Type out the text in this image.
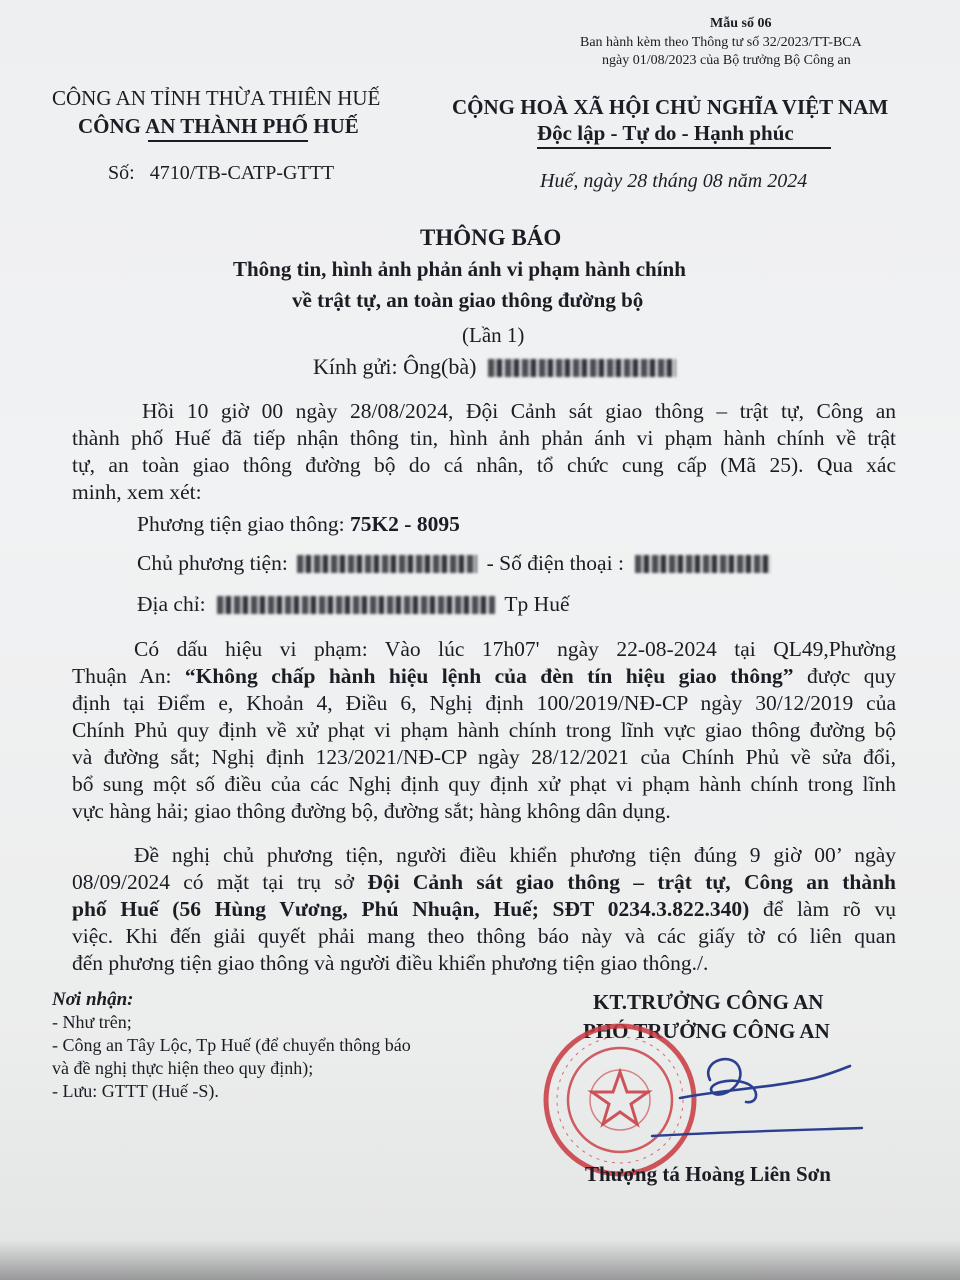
Mẫu số 06
Ban hành kèm theo Thông tư số 32/2023/TT-BCA
ngày 01/08/2023 của Bộ trưởng Bộ Công an
CÔNG AN TỈNH THỪA THIÊN HUẾ
CÔNG AN THÀNH PHỐ HUẾ
Số: 4710/TB-CATP-GTTT
CỘNG HOÀ XÃ HỘI CHỦ NGHĨA VIỆT NAM
Độc lập - Tự do - Hạnh phúc
Huế, ngày 28 tháng 08 năm 2024
THÔNG BÁO
Thông tin, hình ảnh phản ánh vi phạm hành chính
về trật tự, an toàn giao thông đường bộ
(Lần 1)
Kính gửi: Ông(bà)
Hồi 10 giờ 00 ngày 28/08/2024, Đội Cảnh sát giao thông – trật tự, Công an
thành phố Huế đã tiếp nhận thông tin, hình ảnh phản ánh vi phạm hành chính về trật
tự, an toàn giao thông đường bộ do cá nhân, tổ chức cung cấp (Mã 25). Qua xác
minh, xem xét:
Phương tiện giao thông: 75K2 - 8095
Chủ phương tiện:	- Số điện thoại :
Địa chỉ:	Tp Huế
Có dấu hiệu vi phạm: Vào lúc 17h07' ngày 22-08-2024 tại QL49,Phường
Thuận An: “Không chấp hành hiệu lệnh của đèn tín hiệu giao thông” được quy
định tại Điểm e, Khoản 4, Điều 6, Nghị định 100/2019/NĐ-CP ngày 30/12/2019 của
Chính Phủ quy định về xử phạt vi phạm hành chính trong lĩnh vực giao thông đường bộ
và đường sắt; Nghị định 123/2021/NĐ-CP ngày 28/12/2021 của Chính Phủ về sửa đổi,
bổ sung một số điều của các Nghị định quy định xử phạt vi phạm hành chính trong lĩnh
vực hàng hải; giao thông đường bộ, đường sắt; hàng không dân dụng.
Đề nghị chủ phương tiện, người điều khiển phương tiện đúng 9 giờ 00’ ngày
08/09/2024 có mặt tại trụ sở Đội Cảnh sát giao thông – trật tự, Công an thành
phố Huế (56 Hùng Vương, Phú Nhuận, Huế; SĐT 0234.3.822.340) để làm rõ vụ
việc. Khi đến giải quyết phải mang theo thông báo này và các giấy tờ có liên quan
đến phương tiện giao thông và người điều khiển phương tiện giao thông./.
Nơi nhận:
- Như trên;
- Công an Tây Lộc, Tp Huế (để chuyển thông báo
và đề nghị thực hiện theo quy định);
- Lưu: GTTT (Huế -S).
KT.TRƯỞNG CÔNG AN
PHÓ TRƯỞNG CÔNG AN
Thượng tá Hoàng Liên Sơn
